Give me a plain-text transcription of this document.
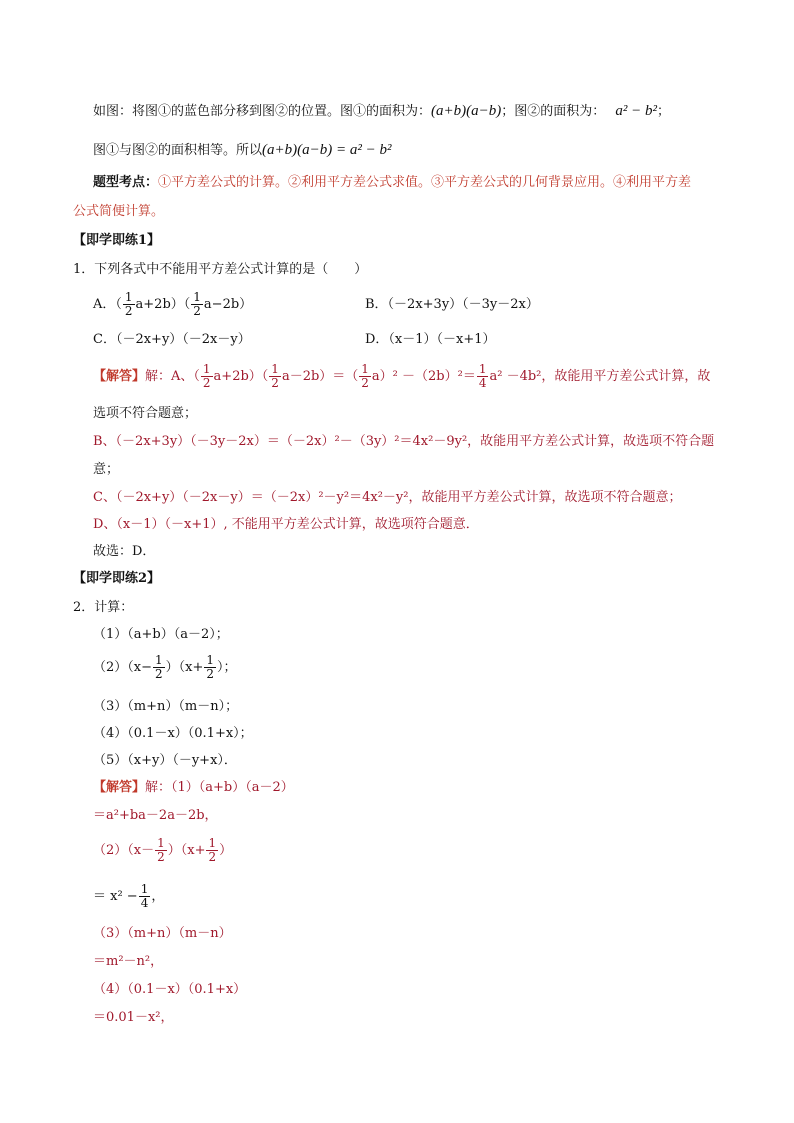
如图：将图①的蓝色部分移到图②的位置。图①的面积为：(a+b)(a−b)；图②的面积为： a² − b²；
图①与图②的面积相等。所以(a+b)(a−b) = a² − b²
题型考点：①平方差公式的计算。②利用平方差公式求值。③平方差公式的几何背景应用。④利用平方差
公式简便计算。
【即学即练1】
1．下列各式中不能用平方差公式计算的是（　　）
A．（ $\frac{1}{2} a+2b)( \frac{1}{2} a-2b)$	B．（－2x+3y）（－3y－2x）
C．（－2x+y）（－2x－y）	D．（x－1）（－x+1）
【解答】解：A、（ $\frac{1}{2} a+2b)( \frac{1}{2} a-2b)=( \frac{1}{2} a)^2 -(2b)^2= \frac{1}{4} a^2 -4b^2$，故能用平方差公式计算，故
选项不符合题意；
B、（－2x+3y）（－3y－2x）＝（－2x）²－（3y）²＝4x²－9y²，故能用平方差公式计算，故选项不符合题
意；
C、（－2x+y）（－2x－y）＝（－2x）²－y²＝4x²－y²，故能用平方差公式计算，故选项不符合题意；
D、（x－1）（－x+1）, 不能用平方差公式计算，故选项符合题意．
故选：D．
【即学即练2】
2．计算：
（1）（a+b）（a－2）；
$(2)(x- \frac{1}{2} )(x+ \frac{1}{2}$ ）；
（3）（m+n）（m－n）；
（4）（0.1－x）（0.1+x）；
（5）（x+y）（－y+x）．
【解答】解：（1）（a+b）（a－2）
＝a²+ba－2a－2b，
$(2)(x- \frac{1}{2} )(x+ \frac{1}{2}$ ）
＝ $x^2 - \frac{1}{4}$ ，
（3）（m+n）（m－n）
＝m²－n²，
（4）（0.1－x）（0.1+x）
＝0.01－x²，
